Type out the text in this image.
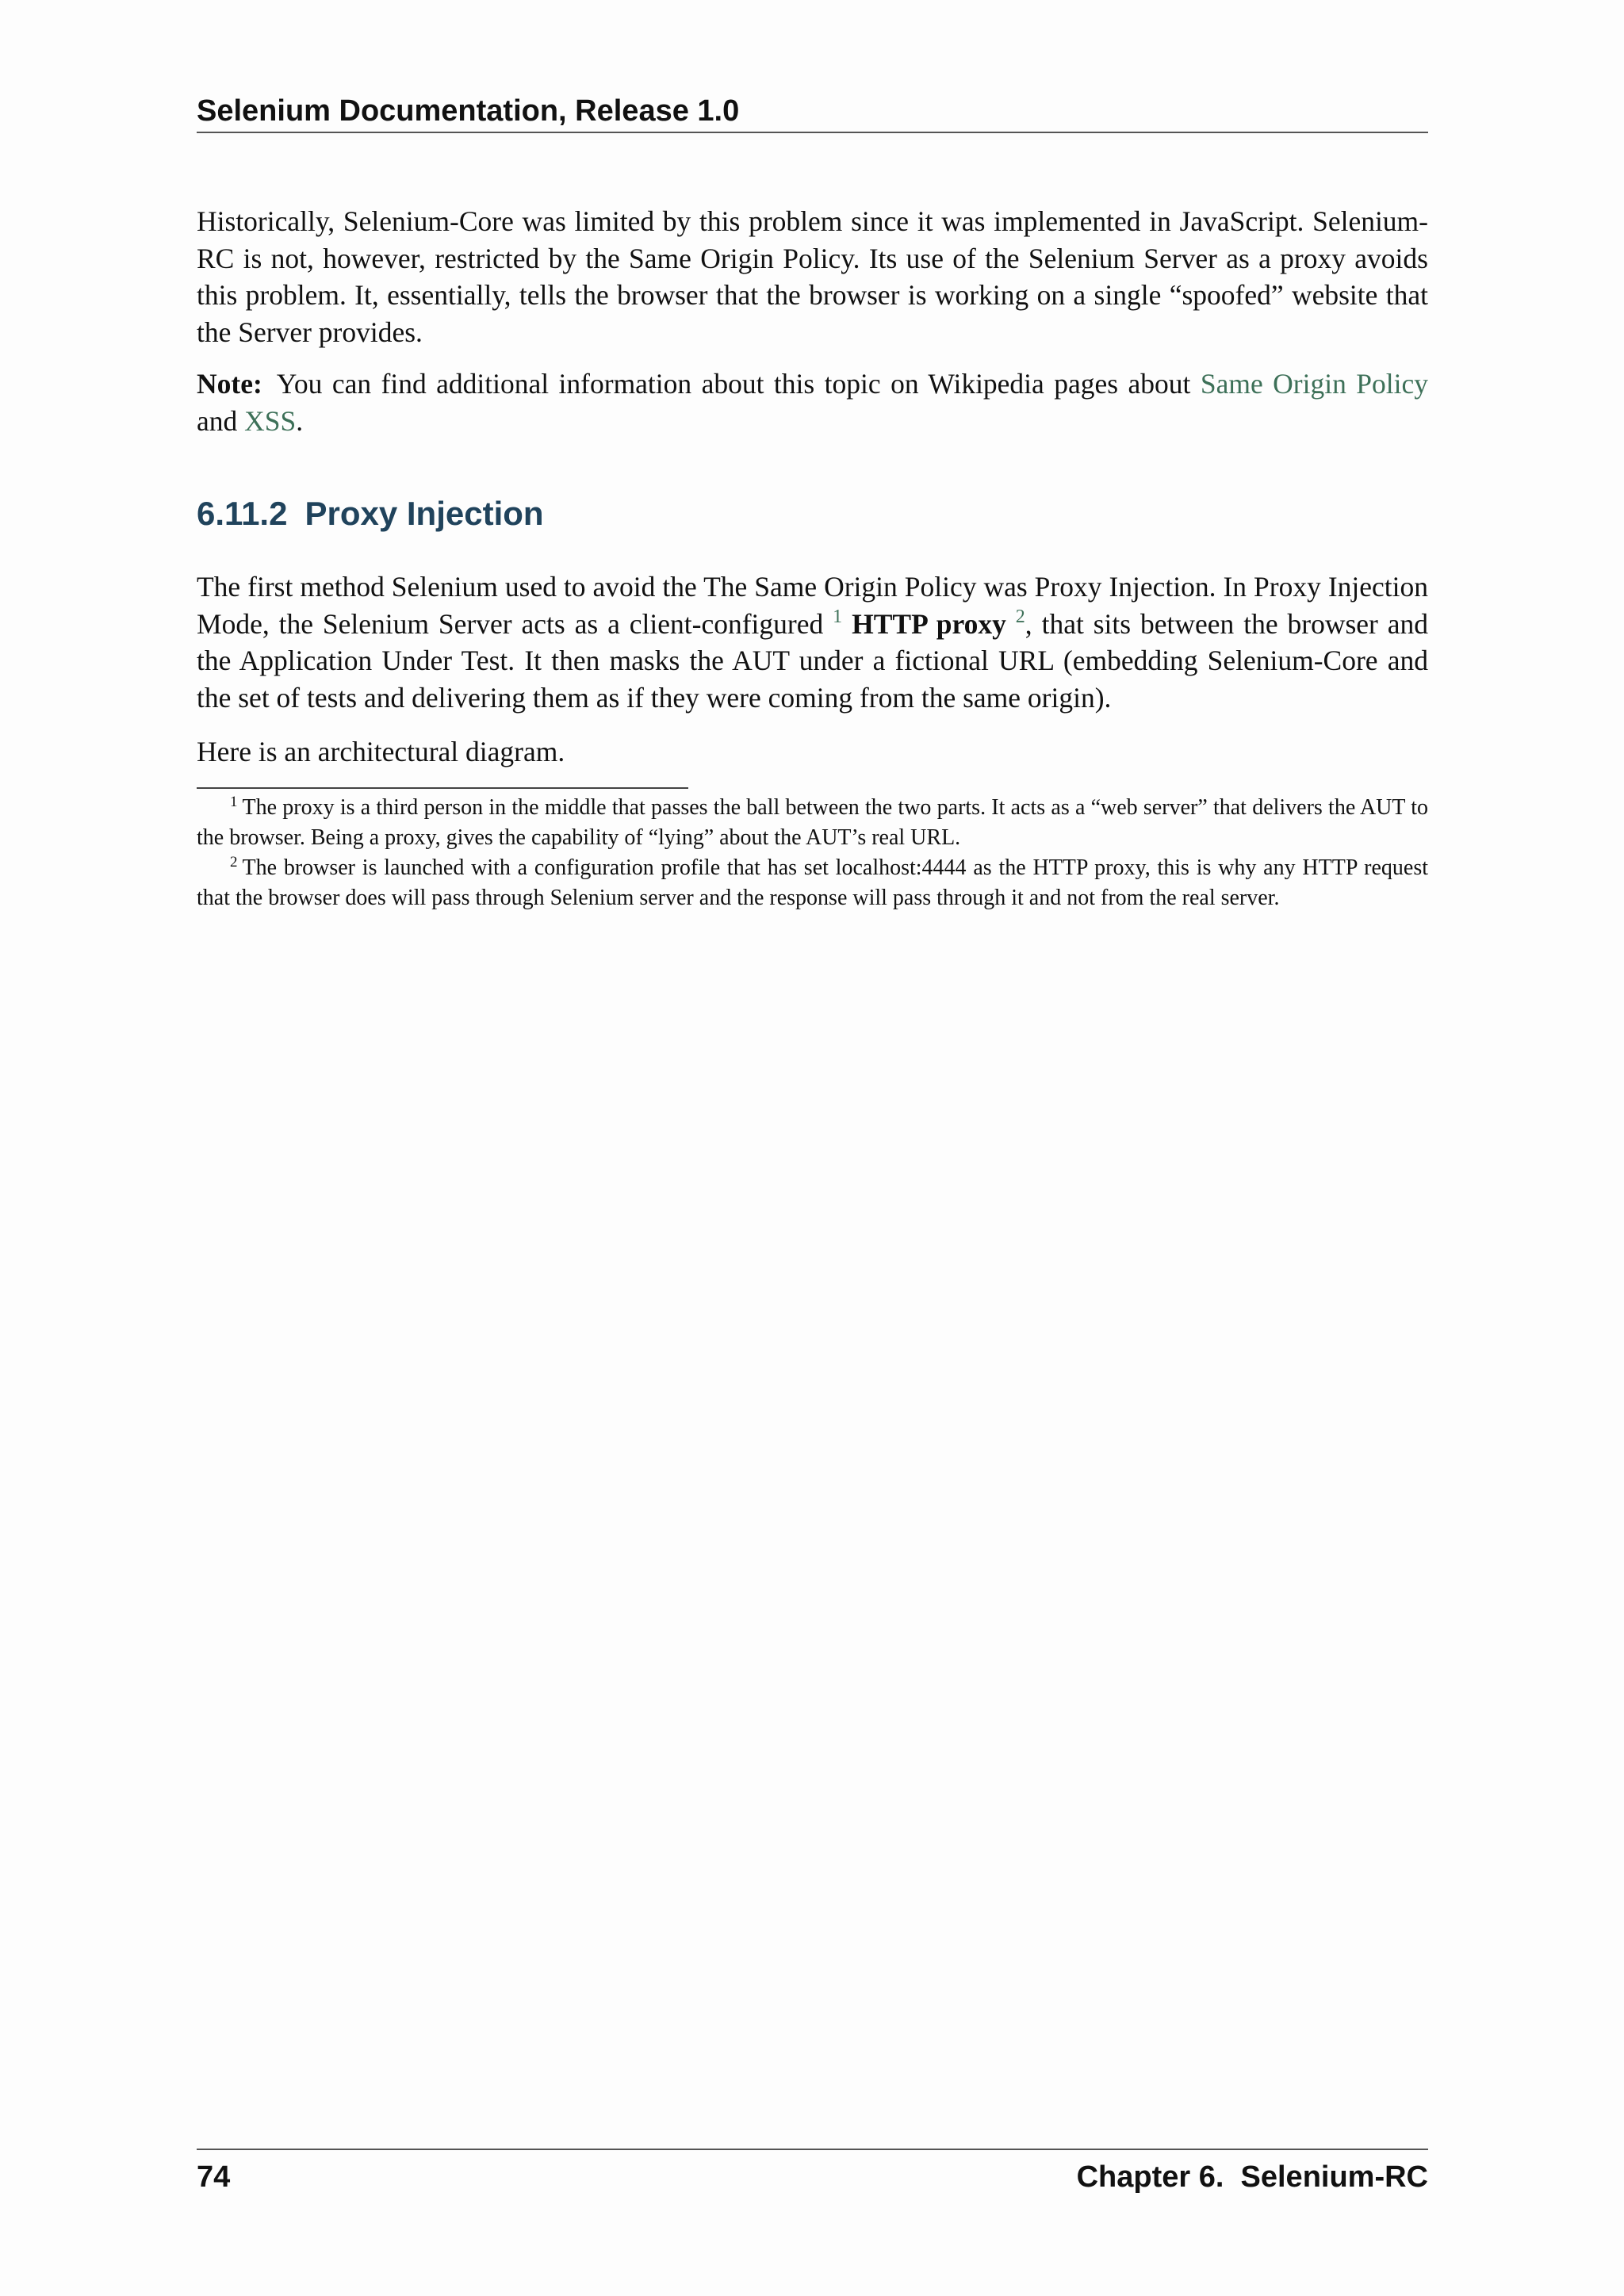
Selenium Documentation, Release 1.0

Historically, Selenium-Core was limited by this problem since it was implemented in JavaScript. Selenium-RC is not, however, restricted by the Same Origin Policy. Its use of the Selenium Server as a proxy avoids this problem. It, essentially, tells the browser that the browser is working on a single “spoofed” website that the Server provides.

Note: You can find additional information about this topic on Wikipedia pages about Same Origin Policy and XSS.

6.11.2 Proxy Injection

The first method Selenium used to avoid the The Same Origin Policy was Proxy Injection. In Proxy Injection Mode, the Selenium Server acts as a client-configured $^1$ HTTP proxy $^2$, that sits between the browser and the Application Under Test. It then masks the AUT under a fictional URL (embedding Selenium-Core and the set of tests and delivering them as if they were coming from the same origin).

Here is an architectural diagram.

$^1$ The proxy is a third person in the middle that passes the ball between the two parts. It acts as a “web server” that delivers the AUT to the browser. Being a proxy, gives the capability of “lying” about the AUT’s real URL.

$^2$ The browser is launched with a configuration profile that has set localhost:4444 as the HTTP proxy, this is why any HTTP request that the browser does will pass through Selenium server and the response will pass through it and not from the real server.

74	Chapter 6.  Selenium-RC
